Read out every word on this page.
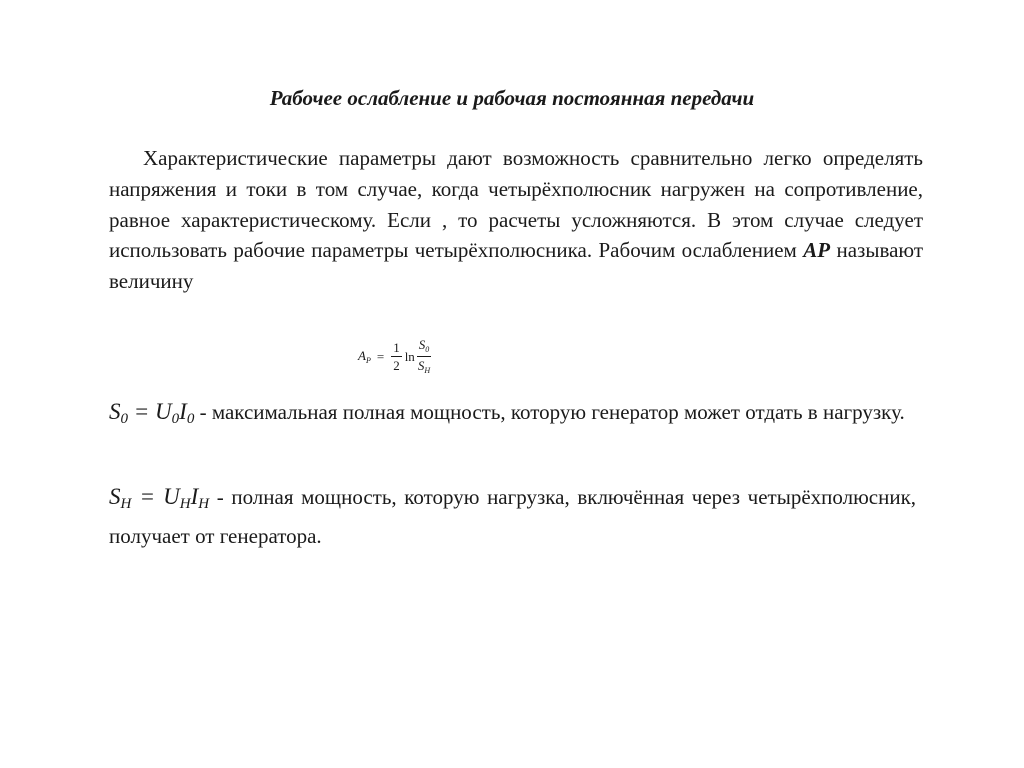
Рабочее ослабление и рабочая постоянная передачи

Характеристические параметры дают возможность сравнительно легко определять напряжения и токи в том случае, когда четырёхполюсник нагружен на сопротивление, равное характеристическому. Если , то расчеты усложняются. В этом случае следует использовать рабочие параметры четырёхполюсника. Рабочим ослаблением AP называют величину

$A_P = \frac{1}{2}$ $\ln \frac{S_0}{S_H}$

$S_0 = U_0I_0$ - максимальная полная мощность, которую генератор может отдать в нагрузку.

$S_H = U_HI_H$ - полная мощность, которую нагрузка, включённая через четырёхполюсник, получает от генератора.
